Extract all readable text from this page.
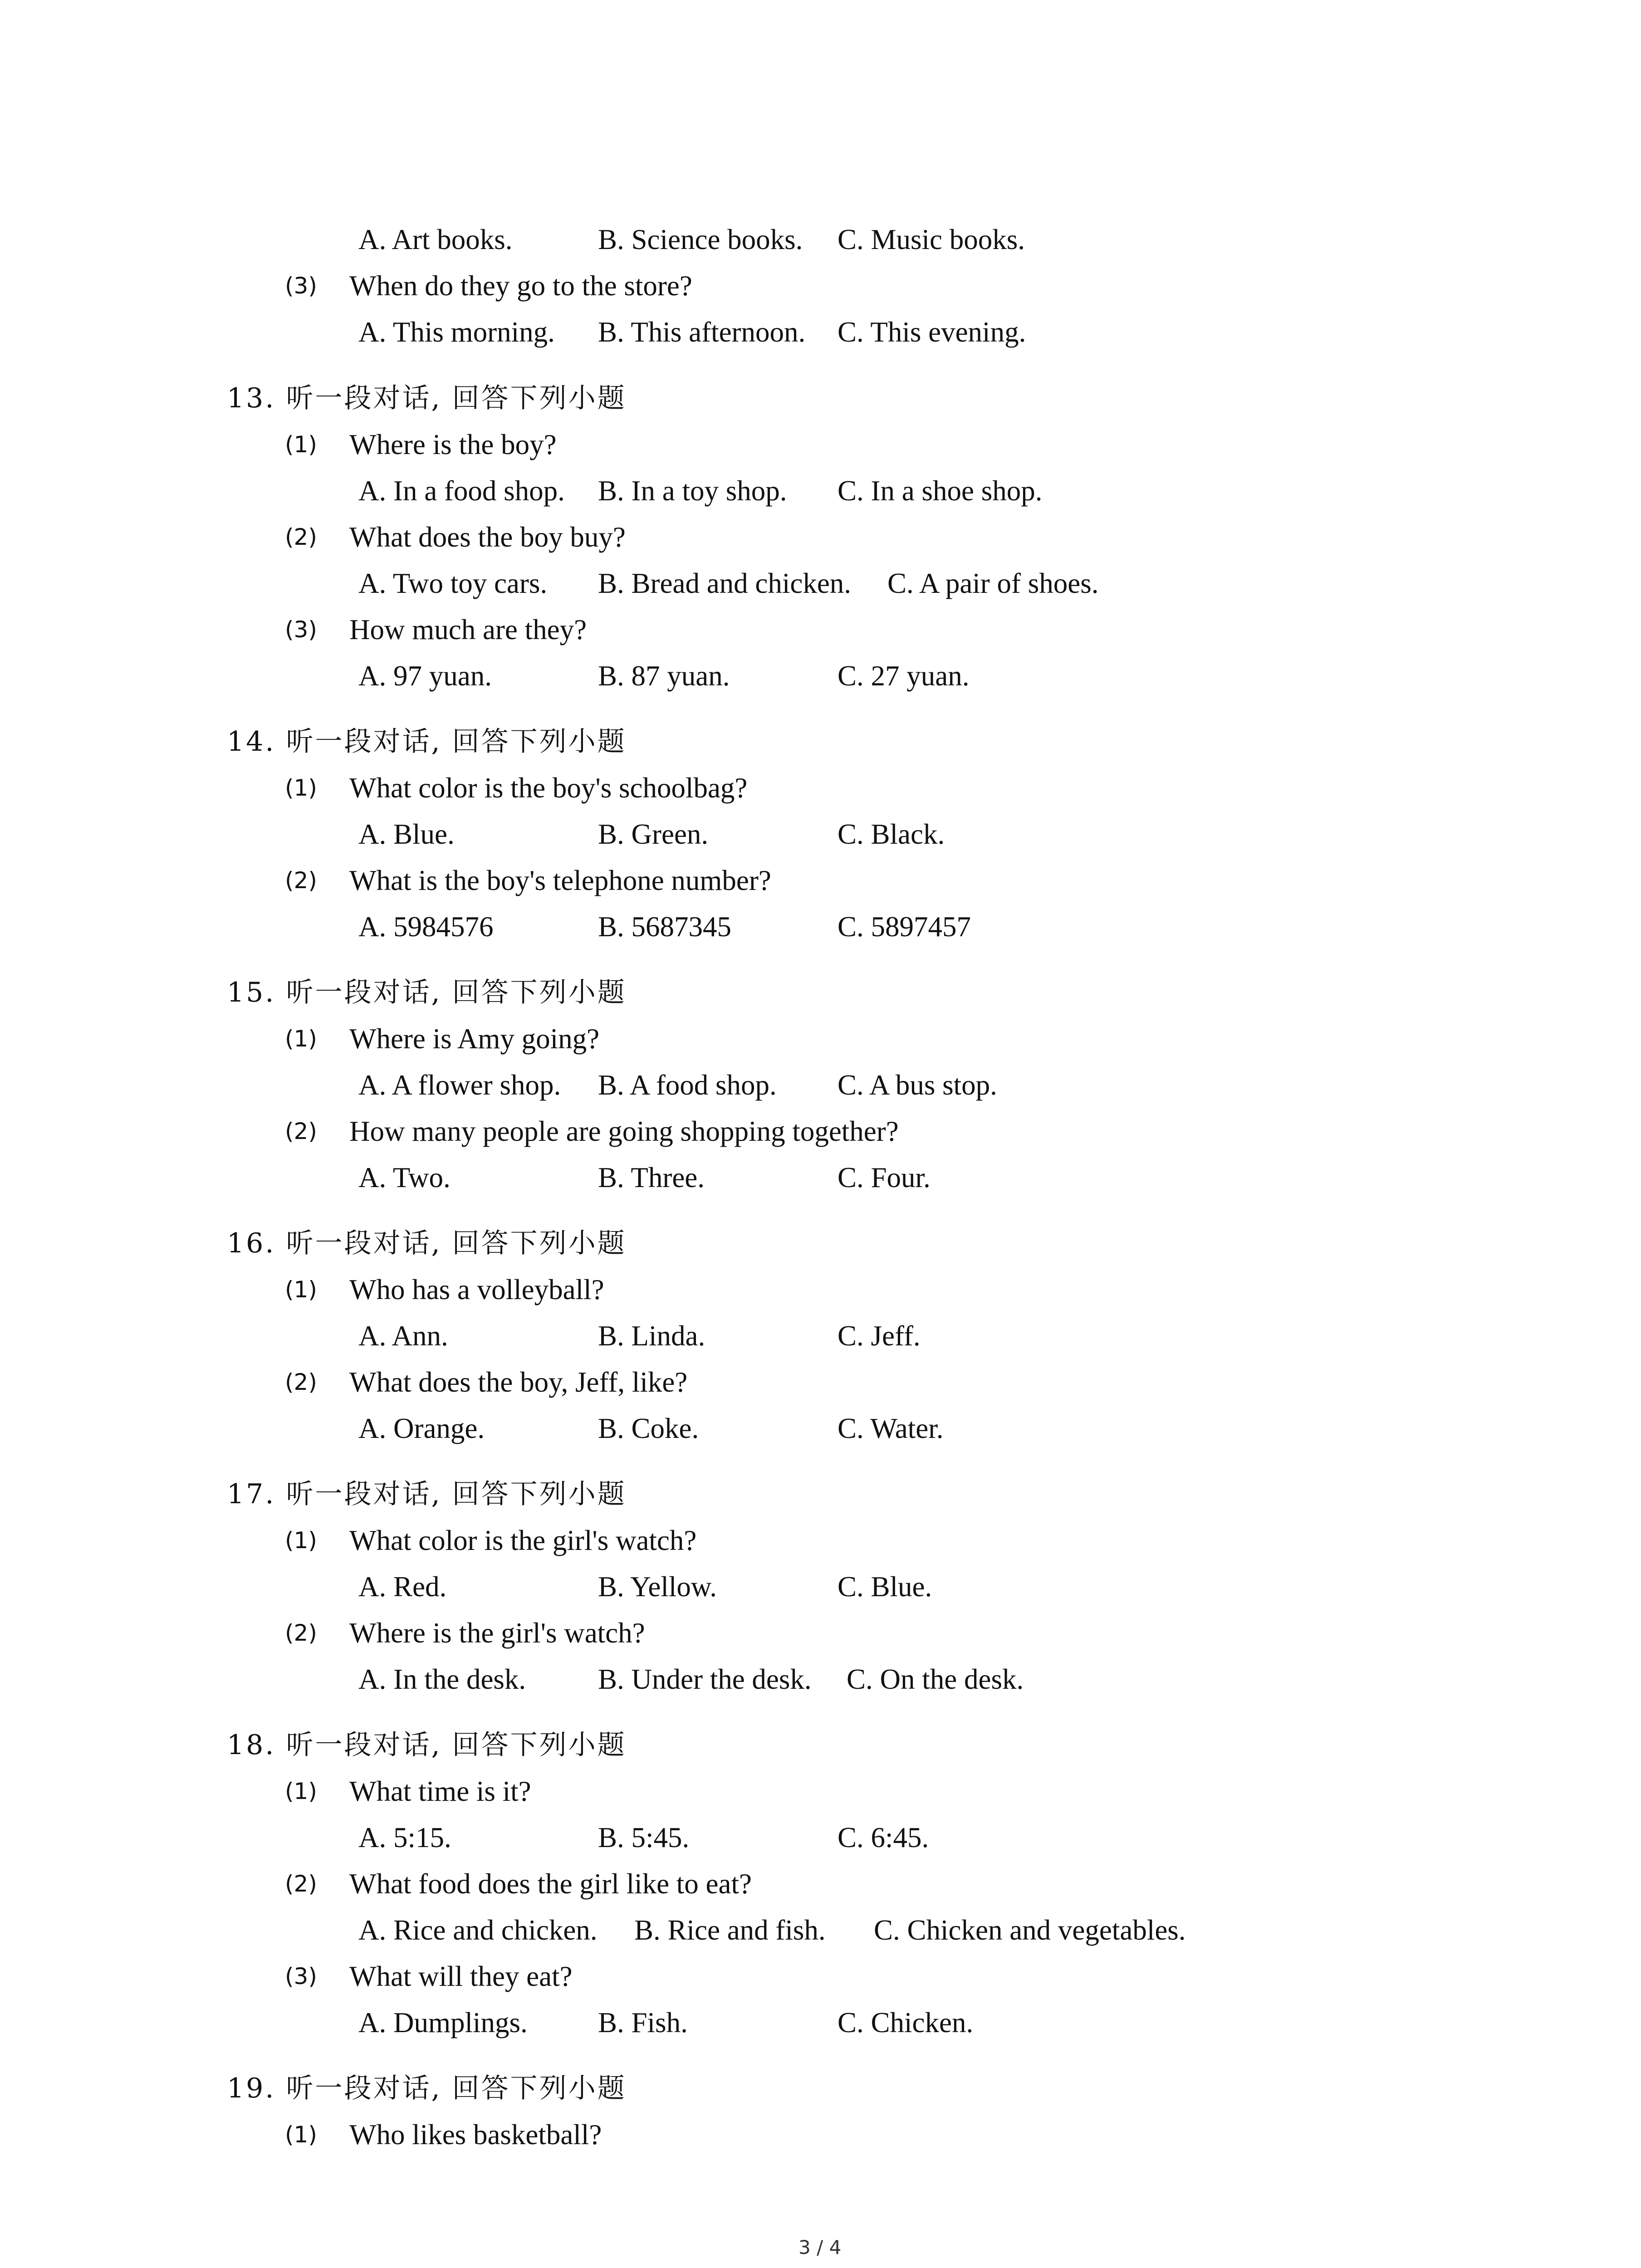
A. Art books.	B. Science books. C. Music books.
(3) When do they go to the store?
A. This morning. B. This afternoon. C. This evening.
13. 听一段对话, 回答下列小题
(1) Where is the boy?
A. In a food shop. B. In a toy shop. C. In a shoe shop.
(2) What does the boy buy?
A. Two toy cars. B. Bread and chicken. C. A pair of shoes.
(3) How much are they?
A. 97 yuan.	B. 87 yuan.	C. 27 yuan.
14. 听一段对话, 回答下列小题
(1) What color is the boy's schoolbag?
A. Blue.	B. Green.	C. Black.
(2) What is the boy's telephone number?
A. 5984576	B. 5687345	C. 5897457
15. 听一段对话, 回答下列小题
(1) Where is Amy going?
A. A flower shop. B. A food shop. C. A bus stop.
(2) How many people are going shopping together?
A. Two.	B. Three.	C. Four.
16. 听一段对话, 回答下列小题
(1) Who has a volleyball?
A. Ann.	B. Linda.	C. Jeff.
(2) What does the boy, Jeff, like?
A. Orange.	B. Coke.	C. Water.
17. 听一段对话, 回答下列小题
(1) What color is the girl's watch?
A. Red.	B. Yellow.	C. Blue.
(2) Where is the girl's watch?
A. In the desk.	B. Under the desk. C. On the desk.
18. 听一段对话, 回答下列小题
(1) What time is it?
A. 5:15.	B. 5:45.	C. 6:45.
(2) What food does the girl like to eat?
A. Rice and chicken. B. Rice and fish. C. Chicken and vegetables.
(3) What will they eat?
A. Dumplings. B. Fish.	C. Chicken.
19. 听一段对话, 回答下列小题
(1) Who likes basketball?
3 / 4
